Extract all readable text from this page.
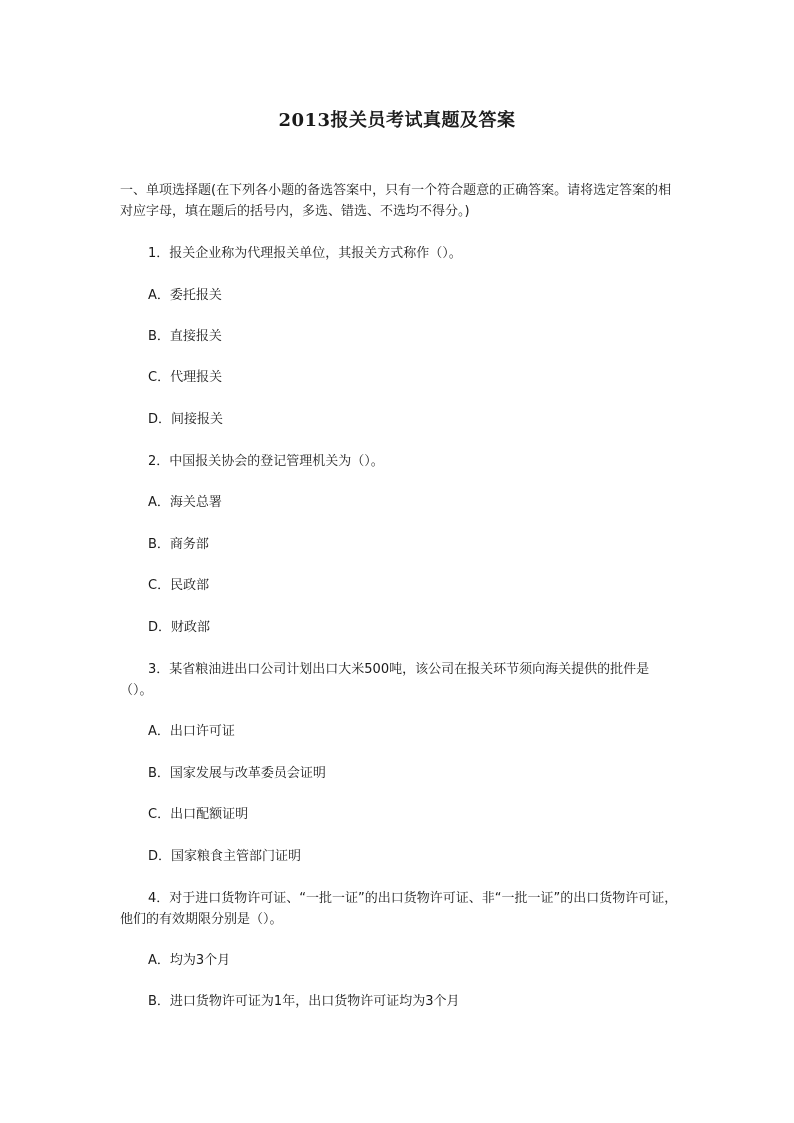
2013报关员考试真题及答案
一、单项选择题(在下列各小题的备选答案中，只有一个符合题意的正确答案。请将选定答案的相对应字母，填在题后的括号内，多选、错选、不选均不得分。)
1．报关企业称为代理报关单位，其报关方式称作（）。
A．委托报关
B．直接报关
C．代理报关
D．间接报关
2．中国报关协会的登记管理机关为（）。
A．海关总署
B．商务部
C．民政部
D．财政部
3．某省粮油进出口公司计划出口大米500吨，该公司在报关环节须向海关提供的批件是（）。
A．出口许可证
B．国家发展与改革委员会证明
C．出口配额证明
D．国家粮食主管部门证明
4．对于进口货物许可证、“一批一证”的出口货物许可证、非“一批一证”的出口货物许可证，他们的有效期限分别是（）。
A．均为3个月
B．进口货物许可证为1年，出口货物许可证均为3个月
